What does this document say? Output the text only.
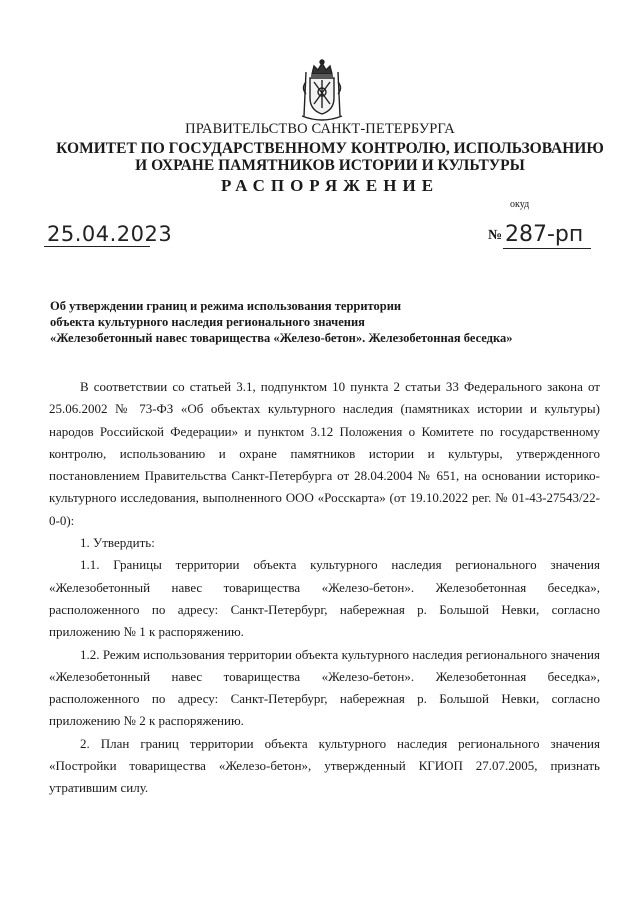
ПРАВИТЕЛЬСТВО САНКТ-ПЕТЕРБУРГА
КОМИТЕТ ПО ГОСУДАРСТВЕННОМУ КОНТРОЛЮ, ИСПОЛЬЗОВАНИЮ
И ОХРАНЕ ПАМЯТНИКОВ ИСТОРИИ И КУЛЬТУРЫ
РАСПОРЯЖЕНИЕ
окуд
25.04.2023	№ 287-рп
Об утверждении границ и режима использования территории
объекта культурного наследия регионального значения
«Железобетонный навес товарищества «Железо-бетон». Железобетонная беседка»

В соответствии со статьей 3.1, подпунктом 10 пункта 2 статьи 33 Федерального закона от 25.06.2002 № 73-ФЗ «Об объектах культурного наследия (памятниках истории и культуры) народов Российской Федерации» и пунктом 3.12 Положения о Комитете по государственному контролю, использованию и охране памятников истории и культуры, утвержденного постановлением Правительства Санкт-Петербурга от 28.04.2004 № 651, на основании историко-культурного исследования, выполненного ООО «Росскарта» (от 19.10.2022 рег. № 01-43-27543/22-0-0):

1. Утвердить:

1.1. Границы территории объекта культурного наследия регионального значения «Железобетонный навес товарищества «Железо-бетон». Железобетонная беседка», расположенного по адресу: Санкт-Петербург, набережная р. Большой Невки, согласно приложению № 1 к распоряжению.

1.2. Режим использования территории объекта культурного наследия регионального значения «Железобетонный навес товарищества «Железо-бетон». Железобетонная беседка», расположенного по адресу: Санкт-Петербург, набережная р. Большой Невки, согласно приложению № 2 к распоряжению.

2. План границ территории объекта культурного наследия регионального значения «Постройки товарищества «Железо-бетон», утвержденный КГИОП 27.07.2005, признать утратившим силу.
